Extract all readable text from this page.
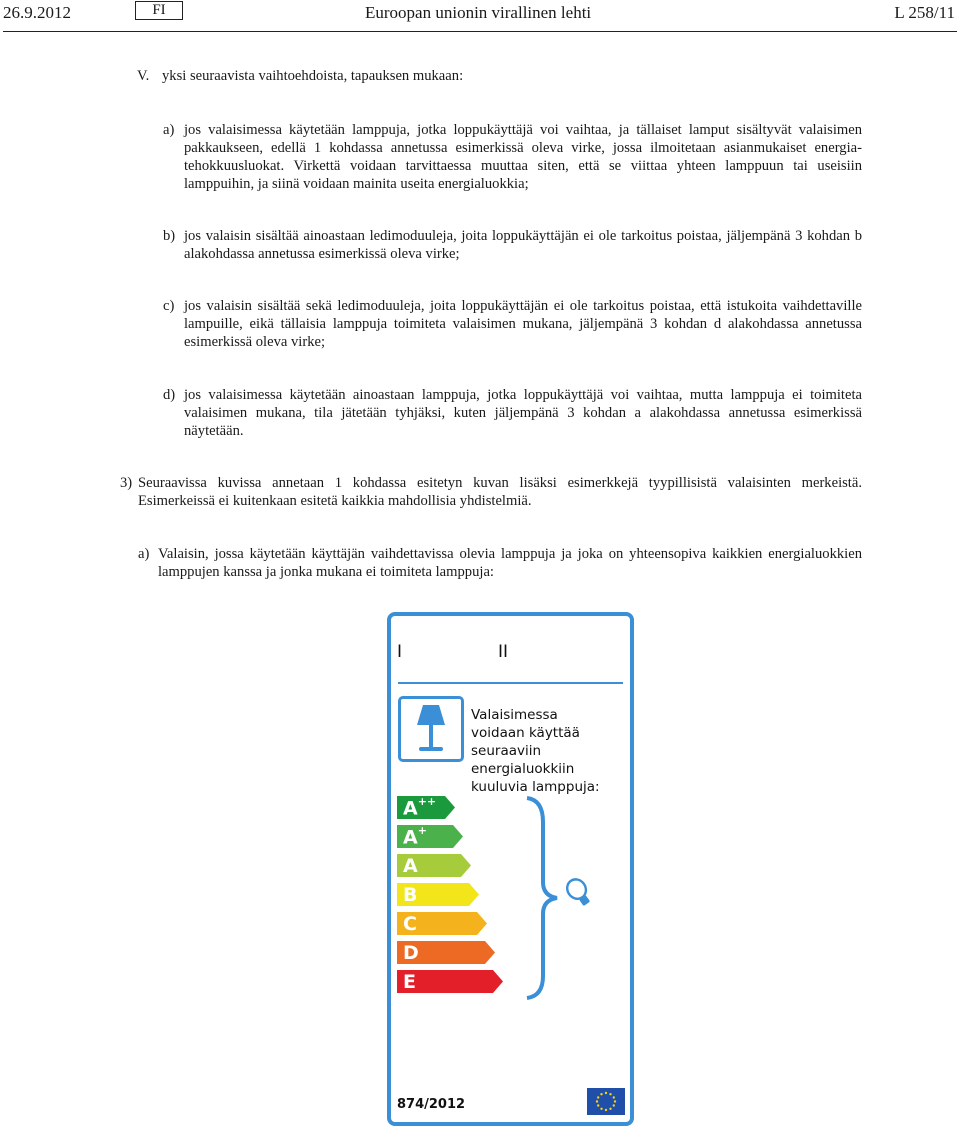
26.9.2012	FI	Euroopan unionin virallinen lehti	L 258/11
V. yksi seuraavista vaihtoehdoista, tapauksen mukaan:
a) jos valaisimessa käytetään lamppuja, jotka loppukäyttäjä voi vaihtaa, ja tällaiset lamput sisältyvät valaisimen pakkaukseen, edellä 1 kohdassa annetussa esimerkissä oleva virke, jossa ilmoitetaan asianmukaiset energiatehokkuusluokat. Virkettä voidaan tarvittaessa muuttaa siten, että se viittaa yhteen lamppuun tai useisiin lamppuihin, ja siinä voidaan mainita useita energialuokkia;
b) jos valaisin sisältää ainoastaan ledimoduuleja, joita loppukäyttäjän ei ole tarkoitus poistaa, jäljempänä 3 kohdan b alakohdassa annetussa esimerkissä oleva virke;
c) jos valaisin sisältää sekä ledimoduuleja, joita loppukäyttäjän ei ole tarkoitus poistaa, että istukoita vaihdettaville lampuille, eikä tällaisia lamppuja toimiteta valaisimen mukana, jäljempänä 3 kohdan d alakohdassa annetussa esimerkissä oleva virke;
d) jos valaisimessa käytetään ainoastaan lamppuja, jotka loppukäyttäjä voi vaihtaa, mutta lamppuja ei toimiteta valaisimen mukana, tila jätetään tyhjäksi, kuten jäljempänä 3 kohdan a alakohdassa annetussa esimerkissä näytetään.
3) Seuraavissa kuvissa annetaan 1 kohdassa esitetyn kuvan lisäksi esimerkkejä tyypillisistä valaisinten merkeistä. Esimerkeissä ei kuitenkaan esitetä kaikkia mahdollisia yhdistelmiä.
a) Valaisin, jossa käytetään käyttäjän vaihdettavissa olevia lamppuja ja joka on yhteensopiva kaikkien energialuokkien lamppujen kanssa ja jonka mukana ei toimiteta lamppuja:
I	II
Valaisimessa
voidaan käyttää
seuraaviin
energialuokkiin
kuuluvia lamppuja:
A++
A+
A
B
C
D
E
874/2012
